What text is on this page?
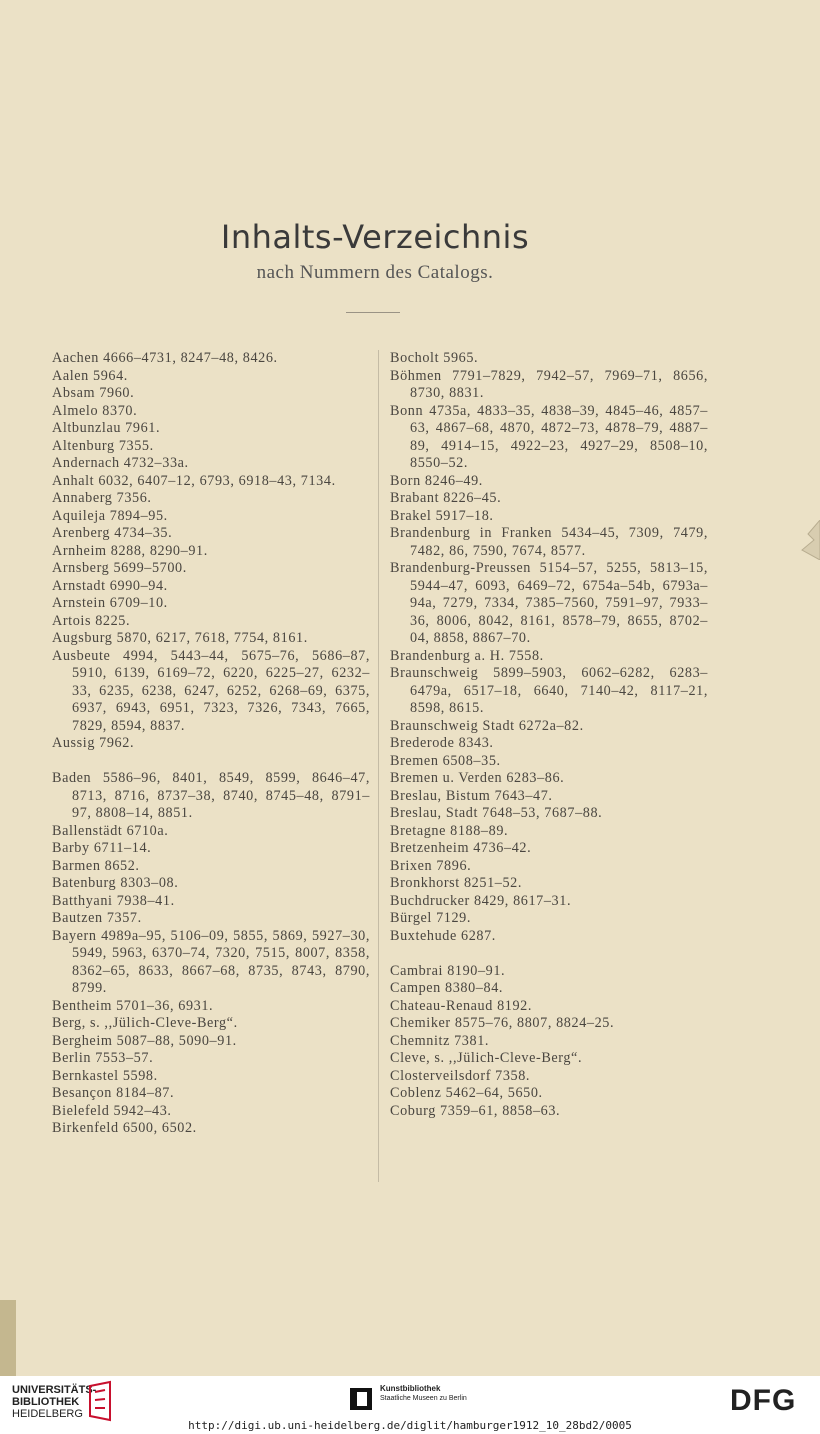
Inhalts-Verzeichnis
nach Nummern des Catalogs.
Aachen 4666–4731, 8247–48, 8426.
Aalen 5964.
Absam 7960.
Almelo 8370.
Altbunzlau 7961.
Altenburg 7355.
Andernach 4732–33a.
Anhalt 6032, 6407–12, 6793, 6918–43, 7134.
Annaberg 7356.
Aquileja 7894–95.
Arenberg 4734–35.
Arnheim 8288, 8290–91.
Arnsberg 5699–5700.
Arnstadt 6990–94.
Arnstein 6709–10.
Artois 8225.
Augsburg 5870, 6217, 7618, 7754, 8161.
Ausbeute 4994, 5443–44, 5675–76, 5686–87, 5910, 6139, 6169–72, 6220, 6225–27, 6232–33, 6235, 6238, 6247, 6252, 6268–69, 6375, 6937, 6943, 6951, 7323, 7326, 7343, 7665, 7829, 8594, 8837.
Aussig 7962.
Baden 5586–96, 8401, 8549, 8599, 8646–47, 8713, 8716, 8737–38, 8740, 8745–48, 8791–97, 8808–14, 8851.
Ballenstädt 6710a.
Barby 6711–14.
Barmen 8652.
Batenburg 8303–08.
Batthyani 7938–41.
Bautzen 7357.
Bayern 4989a–95, 5106–09, 5855, 5869, 5927–30, 5949, 5963, 6370–74, 7320, 7515, 8007, 8358, 8362–65, 8633, 8667–68, 8735, 8743, 8790, 8799.
Bentheim 5701–36, 6931.
Berg, s. ,,Jülich-Cleve-Berg“.
Bergheim 5087–88, 5090–91.
Berlin 7553–57.
Bernkastel 5598.
Besançon 8184–87.
Bielefeld 5942–43.
Birkenfeld 6500, 6502.
Bocholt 5965.
Böhmen 7791–7829, 7942–57, 7969–71, 8656, 8730, 8831.
Bonn 4735a, 4833–35, 4838–39, 4845–46, 4857–63, 4867–68, 4870, 4872–73, 4878–79, 4887–89, 4914–15, 4922–23, 4927–29, 8508–10, 8550–52.
Born 8246–49.
Brabant 8226–45.
Brakel 5917–18.
Brandenburg in Franken 5434–45, 7309, 7479, 7482, 86, 7590, 7674, 8577.
Brandenburg-Preussen 5154–57, 5255, 5813–15, 5944–47, 6093, 6469–72, 6754a–54b, 6793a–94a, 7279, 7334, 7385–7560, 7591–97, 7933–36, 8006, 8042, 8161, 8578–79, 8655, 8702–04, 8858, 8867–70.
Brandenburg a. H. 7558.
Braunschweig 5899–5903, 6062–6282, 6283–6479a, 6517–18, 6640, 7140–42, 8117–21, 8598, 8615.
Braunschweig Stadt 6272a–82.
Brederode 8343.
Bremen 6508–35.
Bremen u. Verden 6283–86.
Breslau, Bistum 7643–47.
Breslau, Stadt 7648–53, 7687–88.
Bretagne 8188–89.
Bretzenheim 4736–42.
Brixen 7896.
Bronkhorst 8251–52.
Buchdrucker 8429, 8617–31.
Bürgel 7129.
Buxtehude 6287.
Cambrai 8190–91.
Campen 8380–84.
Chateau-Renaud 8192.
Chemiker 8575–76, 8807, 8824–25.
Chemnitz 7381.
Cleve, s. ,,Jülich-Cleve-Berg“.
Closterveilsdorf 7358.
Coblenz 5462–64, 5650.
Coburg 7359–61, 8858–63.
UNIVERSITÄTS-
BIBLIOTHEK
HEIDELBERG
Kunstbibliothek
Staatliche Museen zu Berlin	DFG
http://digi.ub.uni-heidelberg.de/diglit/hamburger1912_10_28bd2/0005
